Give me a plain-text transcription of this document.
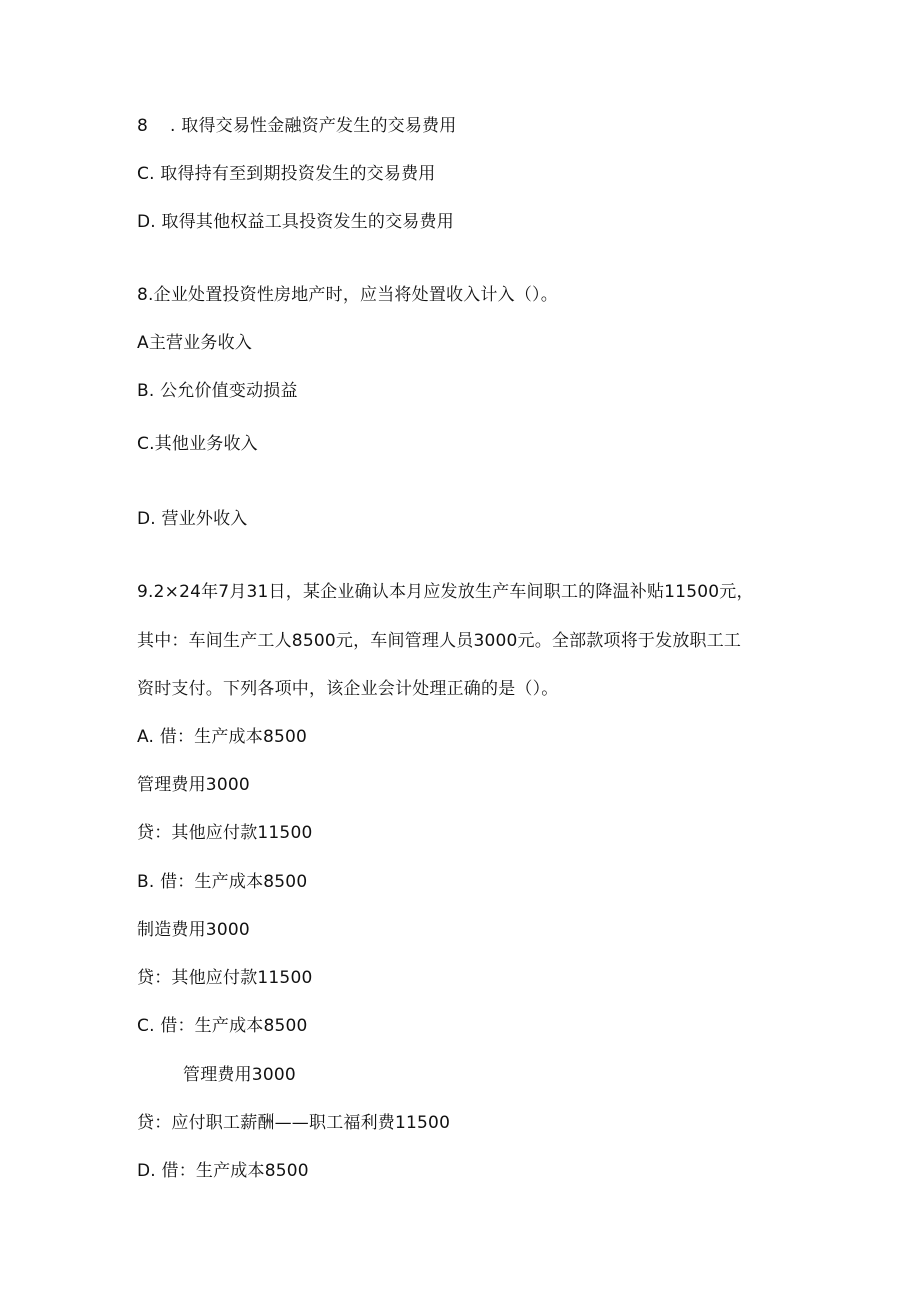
8 . 取得交易性金融资产发生的交易费用
C. 取得持有至到期投资发生的交易费用
D. 取得其他权益工具投资发生的交易费用
8.企业处置投资性房地产时，应当将处置收入计入（）。
A主营业务收入
B. 公允价值变动损益
C.其他业务收入
D. 营业外收入
9.2×24年7月31日，某企业确认本月应发放生产车间职工的降温补贴11500元，
其中：车间生产工人8500元，车间管理人员3000元。全部款项将于发放职工工
资时支付。下列各项中，该企业会计处理正确的是（）。
A. 借：生产成本8500
管理费用3000
贷：其他应付款11500
B. 借：生产成本8500
制造费用3000
贷：其他应付款11500
C. 借：生产成本8500
管理费用3000
贷：应付职工薪酬——职工福利费11500
D. 借：生产成本8500
